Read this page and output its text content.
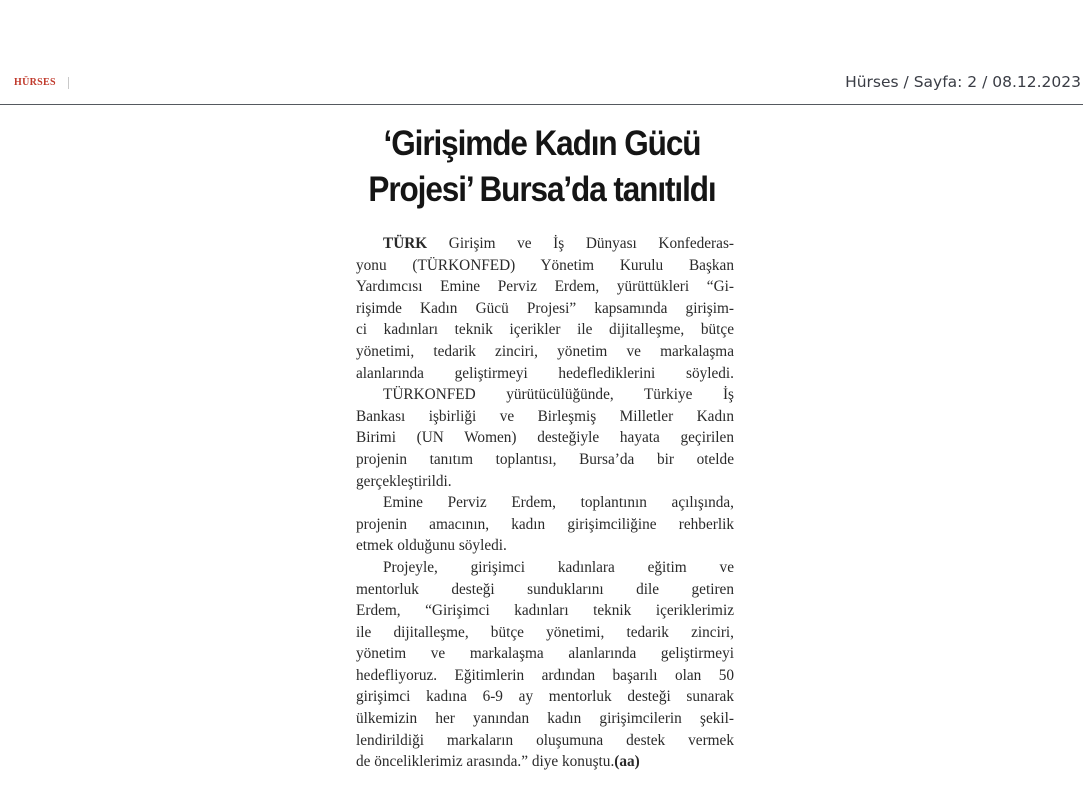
HÜRSES	Hürses / Sayfa: 2 / 08.12.2023
‘Girişimde Kadın Gücü
Projesi’ Bursa’da tanıtıldı
TÜRK Girişim ve İş Dünyası Konfederas-
yonu (TÜRKONFED) Yönetim Kurulu Başkan
Yardımcısı Emine Perviz Erdem, yürüttükleri “Gi-
rişimde Kadın Gücü Projesi” kapsamında girişim-
ci kadınları teknik içerikler ile dijitalleşme, bütçe
yönetimi, tedarik zinciri, yönetim ve markalaşma
alanlarında geliştirmeyi hedeflediklerini söyledi.
TÜRKONFED yürütücülüğünde, Türkiye İş
Bankası işbirliği ve Birleşmiş Milletler Kadın
Birimi (UN Women) desteğiyle hayata geçirilen
projenin tanıtım toplantısı, Bursa’da bir otelde
gerçekleştirildi.
Emine Perviz Erdem, toplantının açılışında,
projenin amacının, kadın girişimciliğine rehberlik
etmek olduğunu söyledi.
Projeyle, girişimci kadınlara eğitim ve
mentorluk desteği sunduklarını dile getiren
Erdem, “Girişimci kadınları teknik içeriklerimiz
ile dijitalleşme, bütçe yönetimi, tedarik zinciri,
yönetim ve markalaşma alanlarında geliştirmeyi
hedefliyoruz. Eğitimlerin ardından başarılı olan 50
girişimci kadına 6-9 ay mentorluk desteği sunarak
ülkemizin her yanından kadın girişimcilerin şekil-
lendirildiği markaların oluşumuna destek vermek
de önceliklerimiz arasında.” diye konuştu.(aa)
